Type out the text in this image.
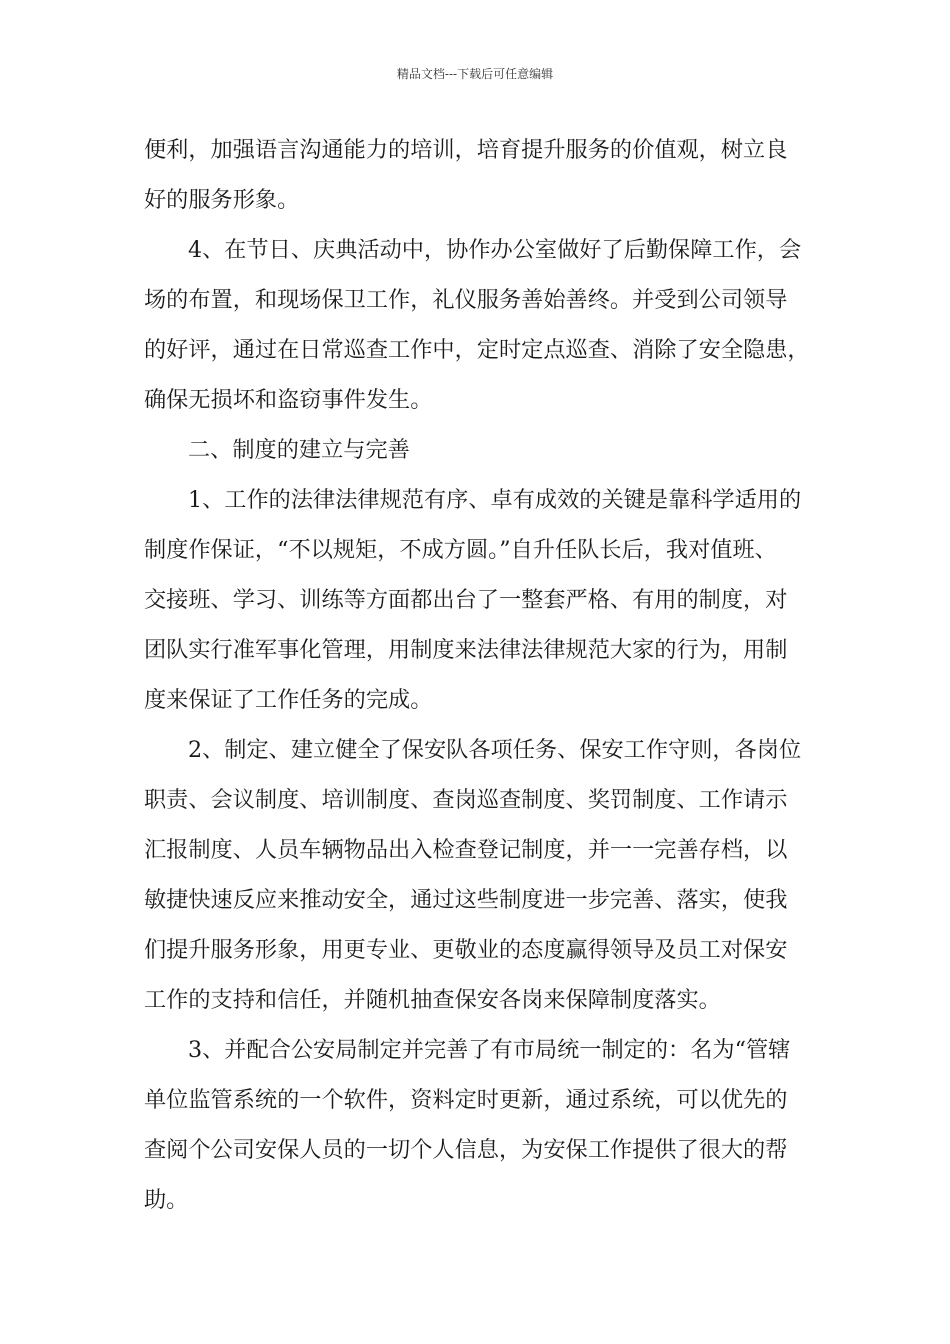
精品文档---下载后可任意编辑
便利，加强语言沟通能力的培训，培育提升服务的价值观，树立良
好的服务形象。
4、在节日、庆典活动中，协作办公室做好了后勤保障工作，会
场的布置，和现场保卫工作，礼仪服务善始善终。并受到公司领导
的好评，通过在日常巡查工作中，定时定点巡查、消除了安全隐患，
确保无损坏和盗窃事件发生。
二、制度的建立与完善
1、工作的法律法律规范有序、卓有成效的关键是靠科学适用的
制度作保证，“不以规矩，不成方圆。”自升任队长后，我对值班、
交接班、学习、训练等方面都出台了一整套严格、有用的制度，对
团队实行准军事化管理，用制度来法律法律规范大家的行为，用制
度来保证了工作任务的完成。
2、制定、建立健全了保安队各项任务、保安工作守则，各岗位
职责、会议制度、培训制度、查岗巡查制度、奖罚制度、工作请示
汇报制度、人员车辆物品出入检查登记制度，并一一完善存档，以
敏捷快速反应来推动安全，通过这些制度进一步完善、落实，使我
们提升服务形象，用更专业、更敬业的态度赢得领导及员工对保安
工作的支持和信任，并随机抽查保安各岗来保障制度落实。
3、并配合公安局制定并完善了有市局统一制定的：名为“管辖
单位监管系统的一个软件，资料定时更新，通过系统，可以优先的
查阅个公司安保人员的一切个人信息，为安保工作提供了很大的帮
助。
